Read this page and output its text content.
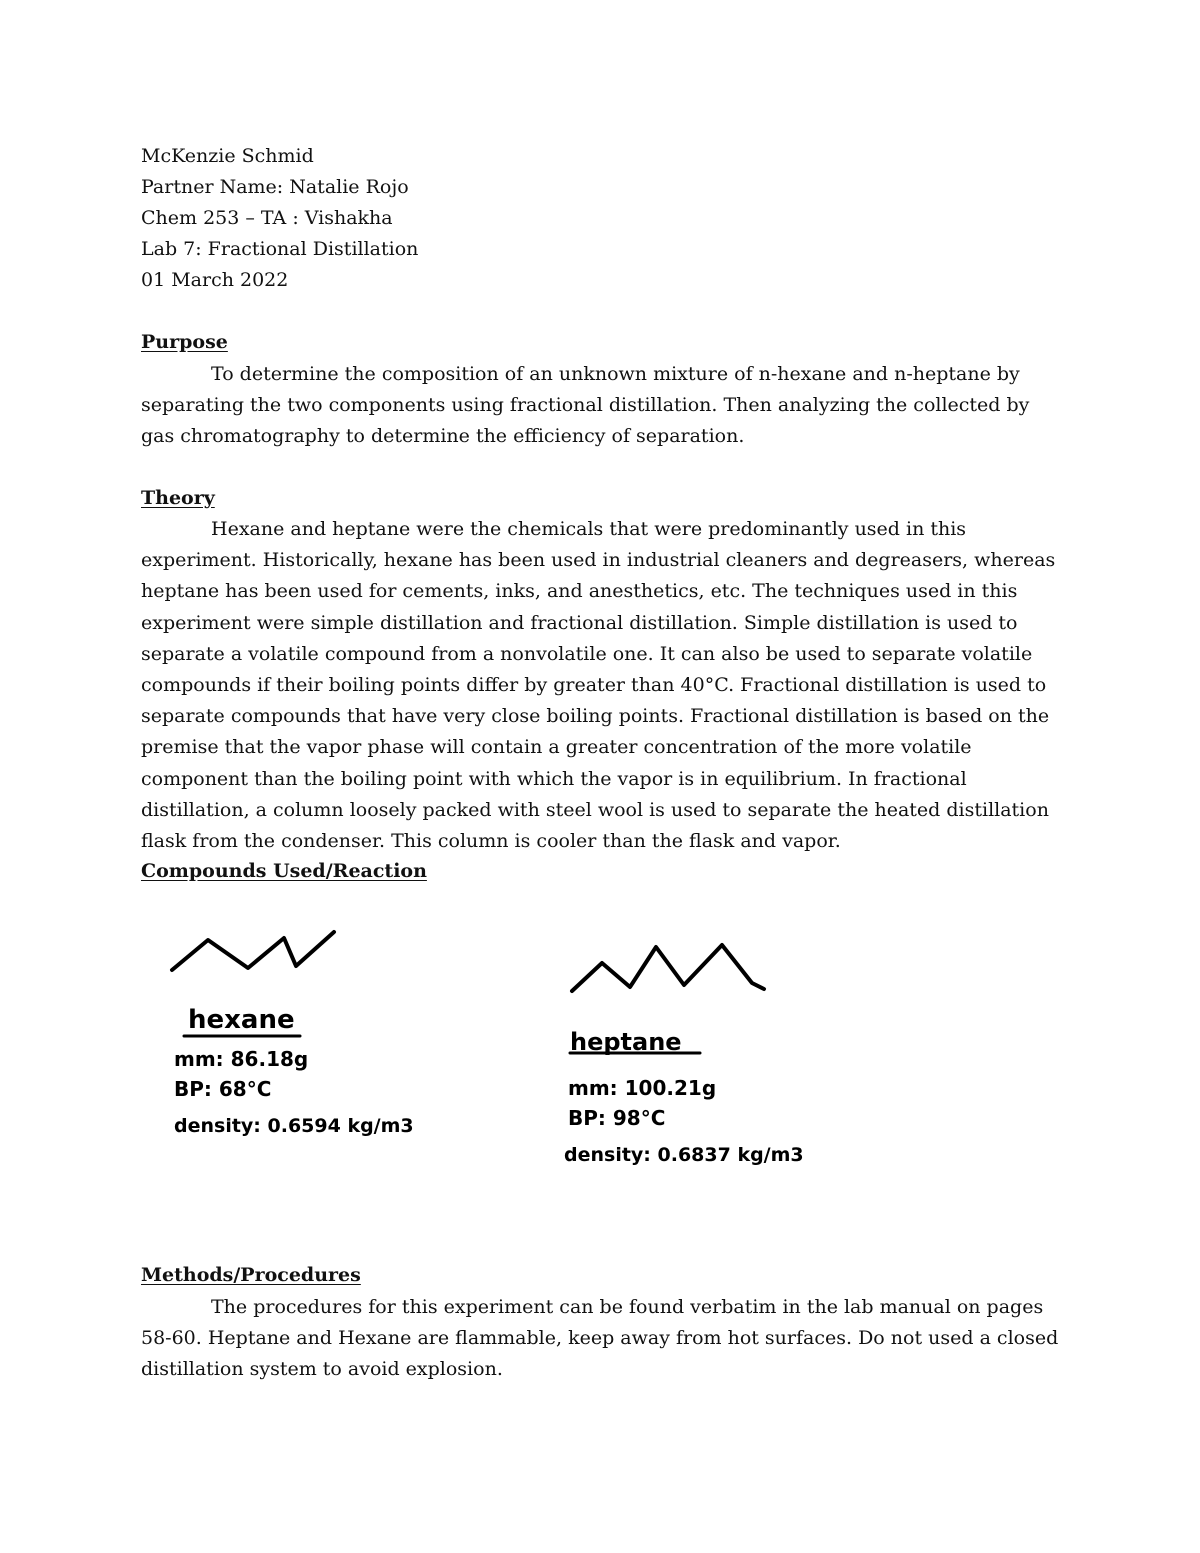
McKenzie Schmid
Partner Name: Natalie Rojo
Chem 253 – TA : Vishakha
Lab 7: Fractional Distillation
01 March 2022
Purpose

To determine the composition of an unknown mixture of n-hexane and n-heptane by separating the two components using fractional distillation. Then analyzing the collected by gas chromatography to determine the efficiency of separation.

Theory

Hexane and heptane were the chemicals that were predominantly used in this experiment. Historically, hexane has been used in industrial cleaners and degreasers, whereas heptane has been used for cements, inks, and anesthetics, etc. The techniques used in this experiment were simple distillation and fractional distillation. Simple distillation is used to separate a volatile compound from a nonvolatile one. It can also be used to separate volatile compounds if their boiling points differ by greater than 40°C. Fractional distillation is used to separate compounds that have very close boiling points. Fractional distillation is based on the premise that the vapor phase will contain a greater concentration of the more volatile component than the boiling point with which the vapor is in equilibrium. In fractional distillation, a column loosely packed with steel wool is used to separate the heated distillation flask from the condenser. This column is cooler than the flask and vapor.

Compounds Used/Reaction
hexane
mm: 86.18g
BP: 68°C
density: 0.6594 kg/m3
heptane
mm: 100.21g
BP: 98°C
density: 0.6837 kg/m3
Methods/Procedures

The procedures for this experiment can be found verbatim in the lab manual on pages 58-60. Heptane and Hexane are flammable, keep away from hot surfaces. Do not used a closed distillation system to avoid explosion.
